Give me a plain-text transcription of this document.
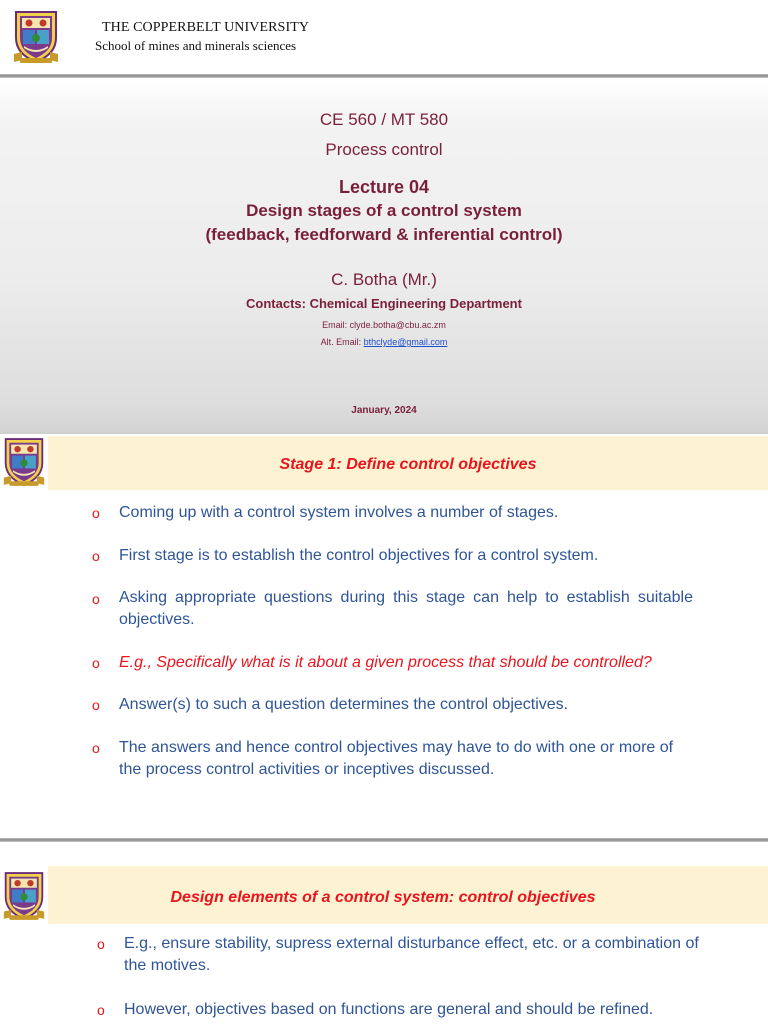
THE COPPERBELT UNIVERSITY
School of mines and minerals sciences
CE 560 / MT 580
Process control
Lecture 04
Design stages of a control system
(feedback, feedforward & inferential control)
C. Botha (Mr.)
Contacts: Chemical Engineering Department
Email: clyde.botha@cbu.ac.zm
Alt. Email: bthclyde@gmail.com
January, 2024
Stage 1: Define control objectives
o Coming up with a control system involves a number of stages.
o First stage is to establish the control objectives for a control system.
o Asking appropriate questions during this stage can help to establish suitable objectives.
o E.g., Specifically what is it about a given process that should be controlled?
o Answer(s) to such a question determines the control objectives.
o The answers and hence control objectives may have to do with one or more of the process control activities or inceptives discussed.
Design elements of a control system: control objectives
o E.g., ensure stability, supress external disturbance effect, etc. or a combination of the motives.
o However, objectives based on functions are general and should be refined.
